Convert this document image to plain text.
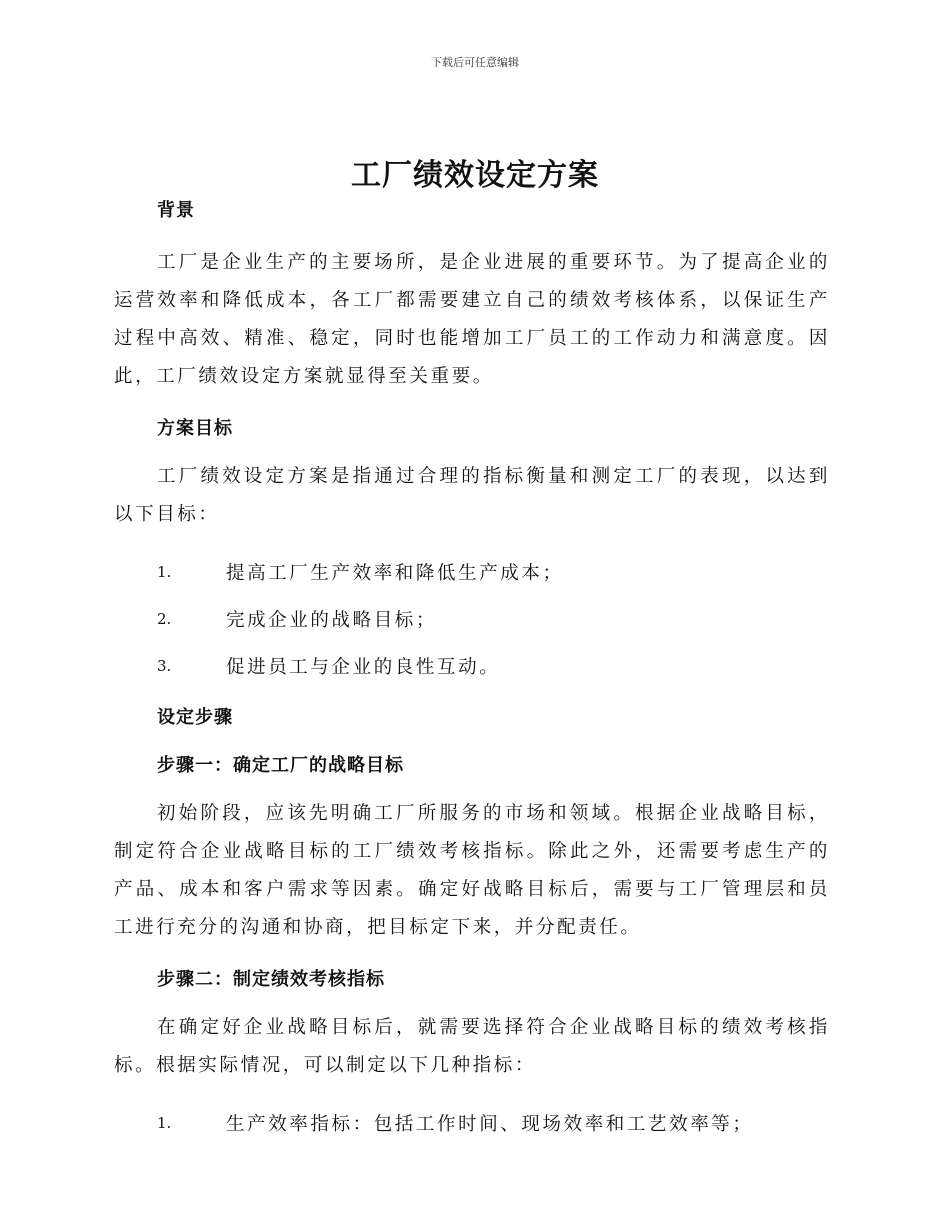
下载后可任意编辑
工厂绩效设定方案
背景
工厂是企业生产的主要场所，是企业进展的重要环节。为了提高企业的运营效率和降低成本，各工厂都需要建立自己的绩效考核体系，以保证生产过程中高效、精准、稳定，同时也能增加工厂员工的工作动力和满意度。因此，工厂绩效设定方案就显得至关重要。
方案目标
工厂绩效设定方案是指通过合理的指标衡量和测定工厂的表现，以达到以下目标：
1.	提高工厂生产效率和降低生产成本；
2.	完成企业的战略目标；
3.	促进员工与企业的良性互动。
设定步骤
步骤一：确定工厂的战略目标
初始阶段，应该先明确工厂所服务的市场和领域。根据企业战略目标，制定符合企业战略目标的工厂绩效考核指标。除此之外，还需要考虑生产的产品、成本和客户需求等因素。确定好战略目标后，需要与工厂管理层和员工进行充分的沟通和协商，把目标定下来，并分配责任。
步骤二：制定绩效考核指标
在确定好企业战略目标后，就需要选择符合企业战略目标的绩效考核指标。根据实际情况，可以制定以下几种指标：
1.	生产效率指标：包括工作时间、现场效率和工艺效率等；
